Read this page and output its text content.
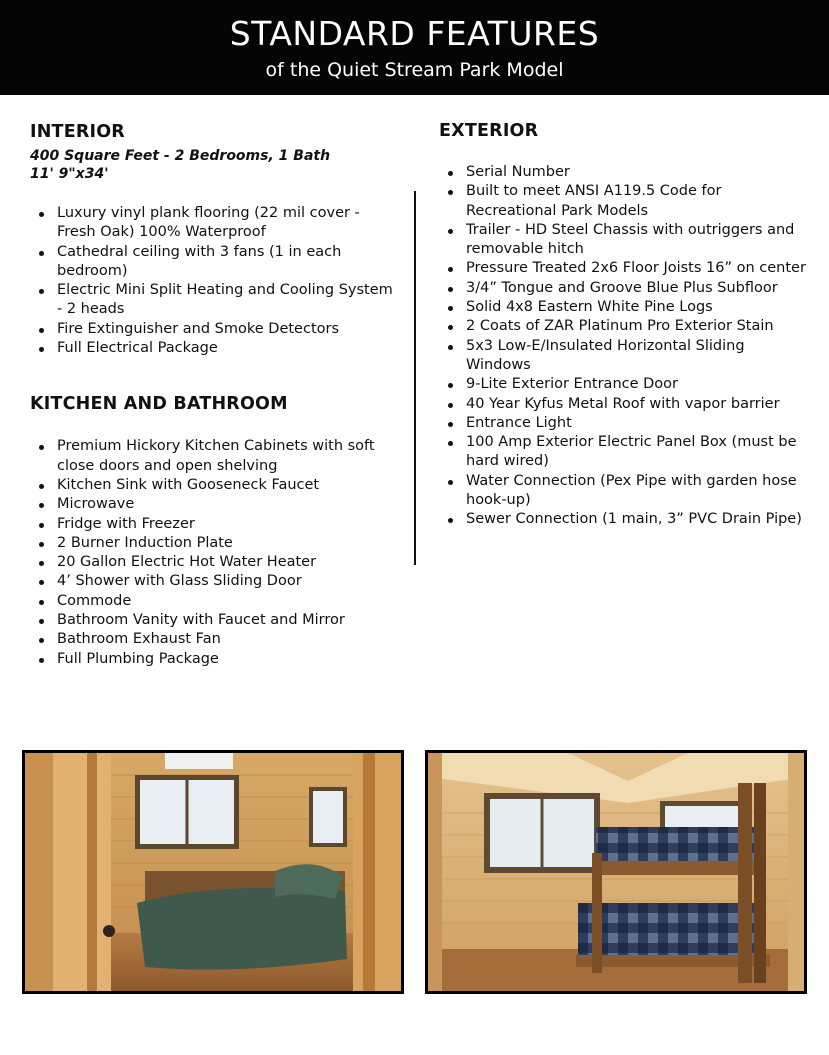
STANDARD FEATURES
of the Quiet Stream Park Model
INTERIOR
400 Square Feet - 2 Bedrooms, 1 Bath
11' 9"x34'
Luxury vinyl plank flooring (22 mil cover - Fresh Oak) 100% Waterproof
Cathedral ceiling with 3 fans (1 in each bedroom)
Electric Mini Split Heating and Cooling System - 2 heads
Fire Extinguisher and Smoke Detectors
Full Electrical Package
KITCHEN AND BATHROOM
Premium Hickory Kitchen Cabinets with soft close doors and open shelving
Kitchen Sink with Gooseneck Faucet
Microwave
Fridge with Freezer
2 Burner Induction Plate
20 Gallon Electric Hot Water Heater
4’ Shower with Glass Sliding Door
Commode
Bathroom Vanity with Faucet and Mirror
Bathroom Exhaust Fan
Full Plumbing Package
EXTERIOR
Serial Number
Built to meet ANSI A119.5 Code for Recreational Park Models
Trailer - HD Steel Chassis with outriggers and removable hitch
Pressure Treated 2x6 Floor Joists 16” on center
3/4” Tongue and Groove Blue Plus Subfloor
Solid 4x8 Eastern White Pine Logs
2 Coats of ZAR Platinum Pro Exterior Stain
5x3 Low-E/Insulated Horizontal Sliding Windows
9-Lite Exterior Entrance Door
40 Year Kyfus Metal Roof with vapor barrier
Entrance Light
100 Amp Exterior Electric Panel Box (must be hard wired)
Water Connection (Pex Pipe with garden hose hook-up)
Sewer Connection (1 main, 3” PVC Drain Pipe)
